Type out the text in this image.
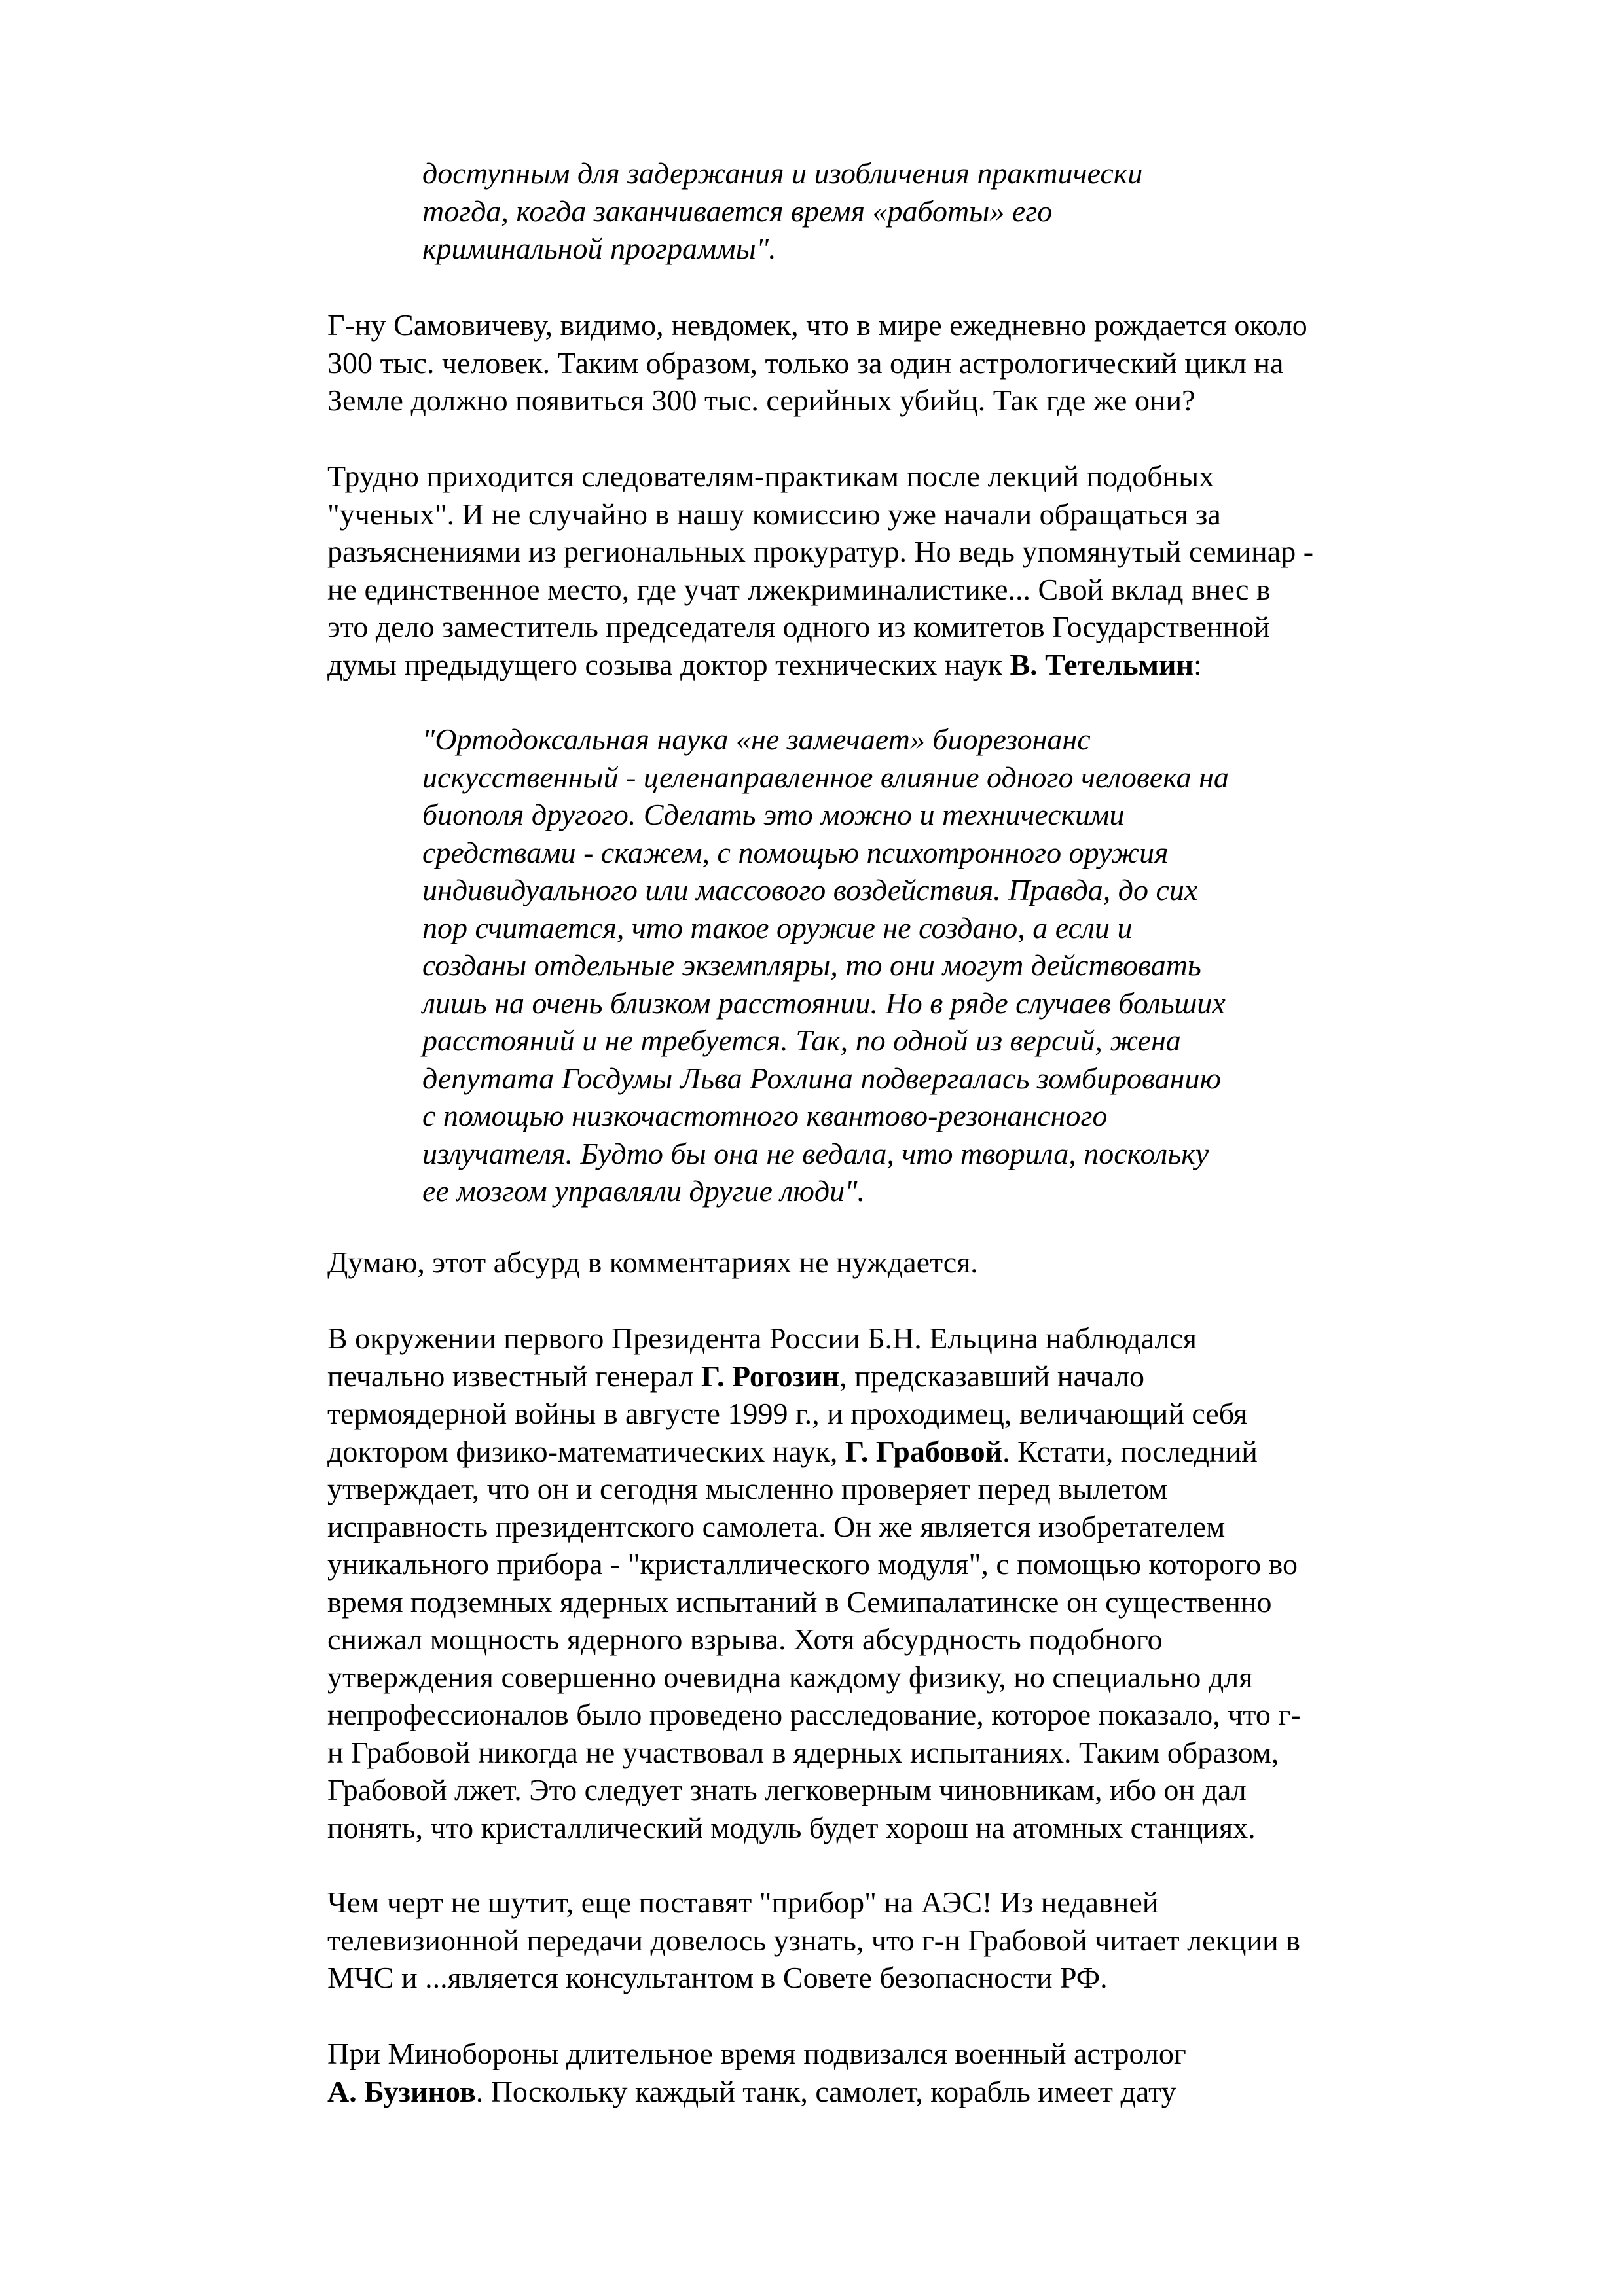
доступным для задержания и изобличения практически
тогда, когда заканчивается время «работы» его
криминальной программы".
Г-ну Самовичеву, видимо, невдомек, что в мире ежедневно рождается около
300 тыс. человек. Таким образом, только за один астрологический цикл на
Земле должно появиться 300 тыс. серийных убийц. Так где же они?
Трудно приходится следователям-практикам после лекций подобных
"ученых". И не случайно в нашу комиссию уже начали обращаться за
разъяснениями из региональных прокуратур. Но ведь упомянутый семинар -
не единственное место, где учат лжекриминалистике... Свой вклад внес в
это дело заместитель председателя одного из комитетов Государственной
думы предыдущего созыва доктор технических наук В. Тетельмин:
"Ортодоксальная наука «не замечает» биорезонанс
искусственный - целенаправленное влияние одного человека на
биополя другого. Сделать это можно и техническими
средствами - скажем, с помощью психотронного оружия
индивидуального или массового воздействия. Правда, до сих
пор считается, что такое оружие не создано, а если и
созданы отдельные экземпляры, то они могут действовать
лишь на очень близком расстоянии. Но в ряде случаев больших
расстояний и не требуется. Так, по одной из версий, жена
депутата Госдумы Льва Рохлина подвергалась зомбированию
с помощью низкочастотного квантово-резонансного
излучателя. Будто бы она не ведала, что творила, поскольку
ее мозгом управляли другие люди".
Думаю, этот абсурд в комментариях не нуждается.
В окружении первого Президента России Б.Н. Ельцина наблюдался
печально известный генерал Г. Рогозин, предсказавший начало
термоядерной войны в августе 1999 г., и проходимец, величающий себя
доктором физико-математических наук, Г. Грабовой. Кстати, последний
утверждает, что он и сегодня мысленно проверяет перед вылетом
исправность президентского самолета. Он же является изобретателем
уникального прибора - "кристаллического модуля", с помощью которого во
время подземных ядерных испытаний в Семипалатинске он существенно
снижал мощность ядерного взрыва. Хотя абсурдность подобного
утверждения совершенно очевидна каждому физику, но специально для
непрофессионалов было проведено расследование, которое показало, что г-
н Грабовой никогда не участвовал в ядерных испытаниях. Таким образом,
Грабовой лжет. Это следует знать легковерным чиновникам, ибо он дал
понять, что кристаллический модуль будет хорош на атомных станциях.
Чем черт не шутит, еще поставят "прибор" на АЭС! Из недавней
телевизионной передачи довелось узнать, что г-н Грабовой читает лекции в
МЧС и ...является консультантом в Совете безопасности РФ.
При Минобороны длительное время подвизался военный астролог
А. Бузинов. Поскольку каждый танк, самолет, корабль имеет дату
